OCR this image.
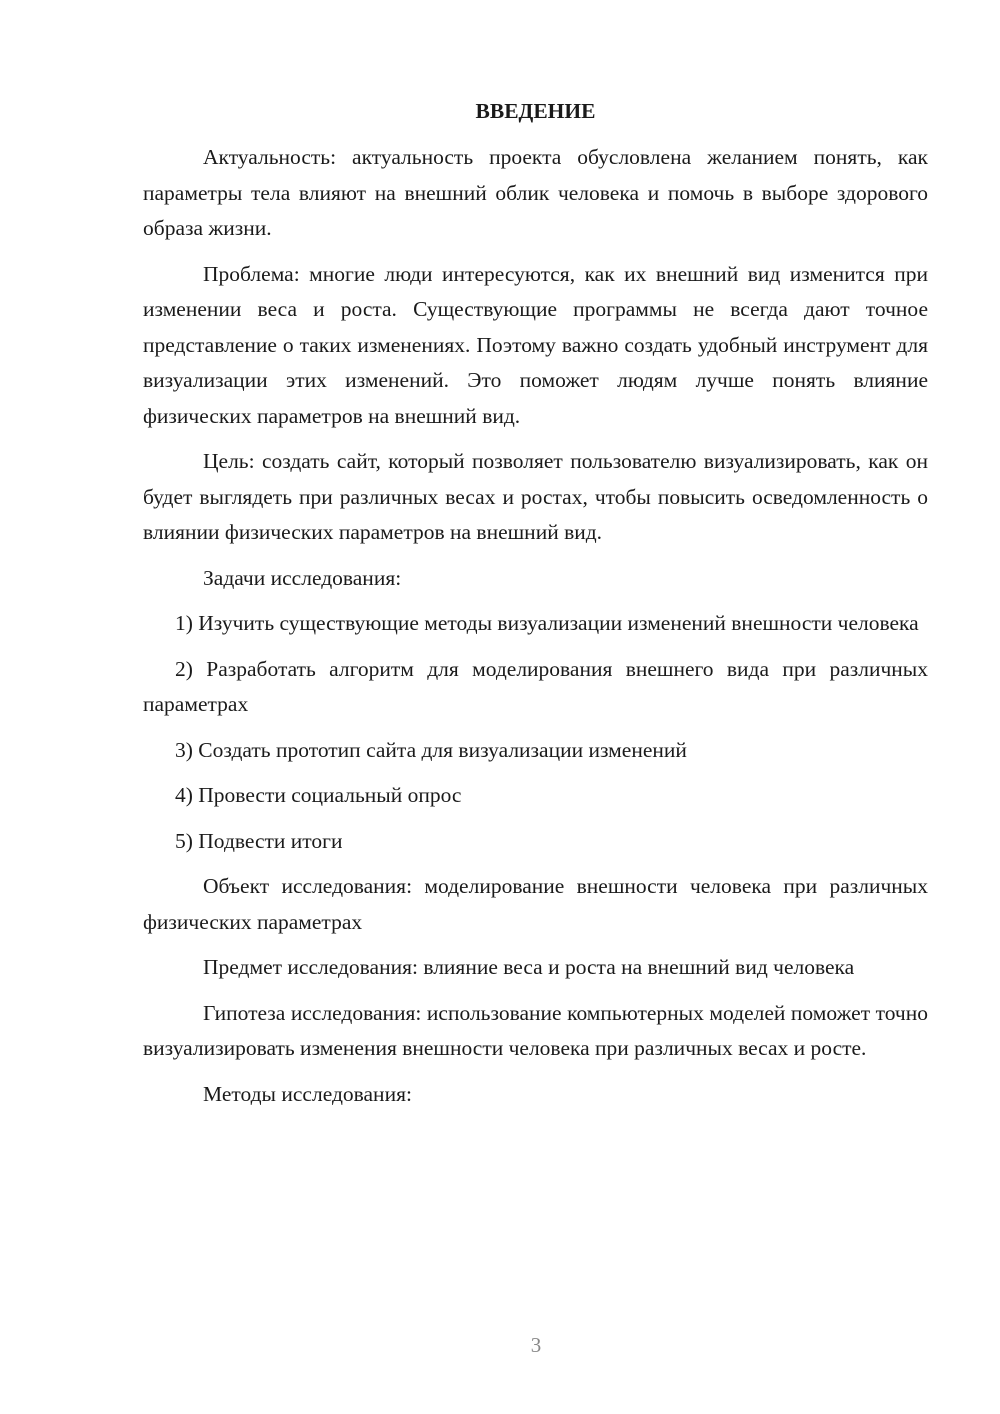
ВВЕДЕНИЕ

Актуальность: актуальность проекта обусловлена желанием понять, как параметры тела влияют на внешний облик человека и помочь в выборе здорового образа жизни.

Проблема: многие люди интересуются, как их внешний вид изменится при изменении веса и роста. Существующие программы не всегда дают точное представление о таких изменениях. Поэтому важно создать удобный инструмент для визуализации этих изменений. Это поможет людям лучше понять влияние физических параметров на внешний вид.

Цель: создать сайт, который позволяет пользователю визуализировать, как он будет выглядеть при различных весах и ростах, чтобы повысить осведомленность о влиянии физических параметров на внешний вид.

Задачи исследования:

1) Изучить существующие методы визуализации изменений внешности человека

2) Разработать алгоритм для моделирования внешнего вида при различных параметрах

3) Создать прототип сайта для визуализации изменений

4) Провести социальный опрос

5) Подвести итоги

Объект исследования: моделирование внешности человека при различных физических параметрах

Предмет исследования: влияние веса и роста на внешний вид человека

Гипотеза исследования: использование компьютерных моделей поможет точно визуализировать изменения внешности человека при различных весах и росте.

Методы исследования:

3
